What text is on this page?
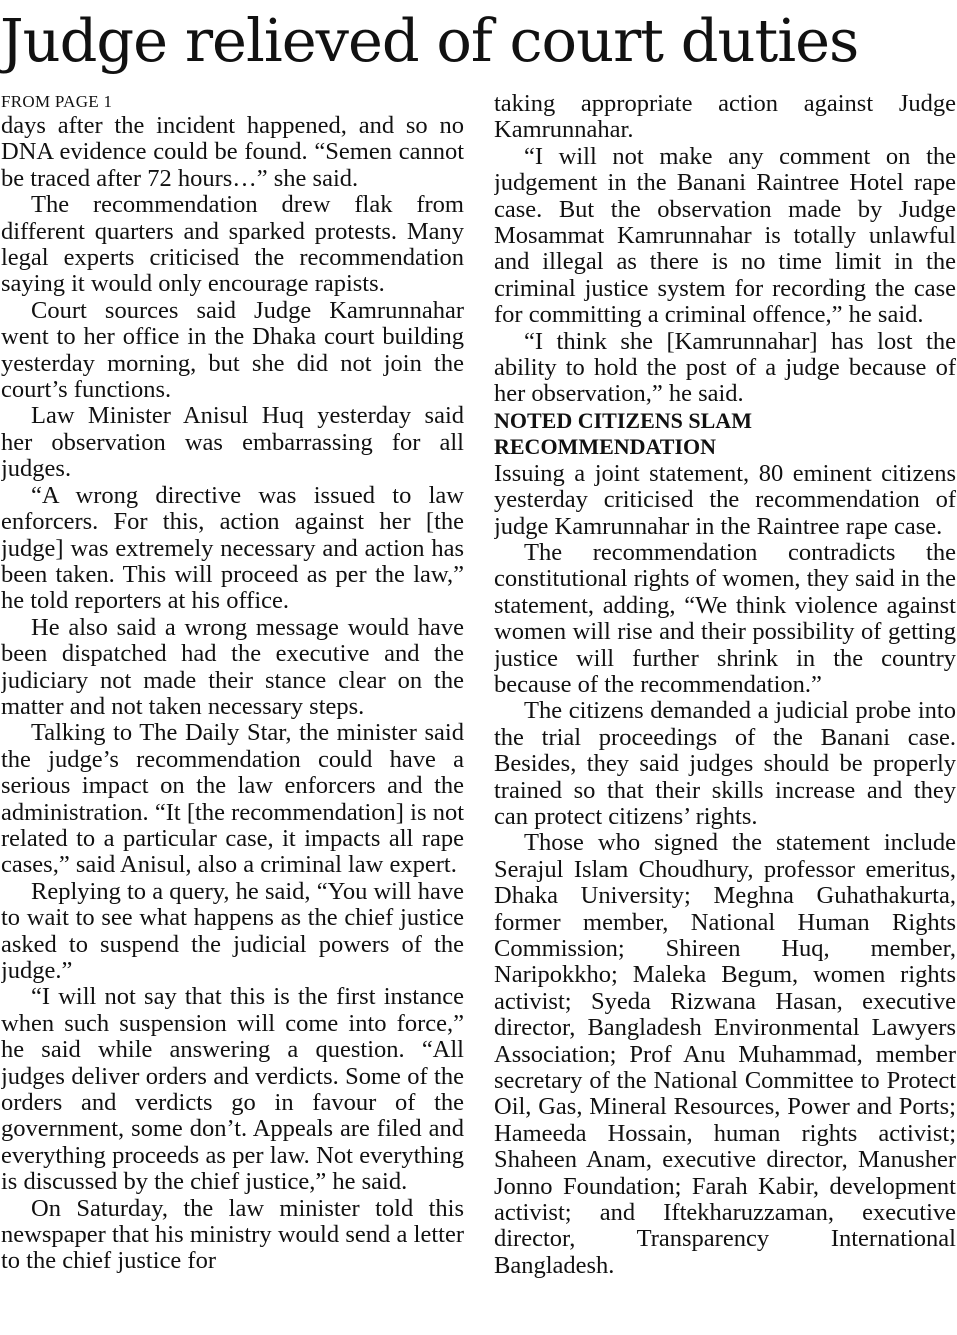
Judge relieved of court duties
FROM PAGE 1

days after the incident happened, and so no DNA evidence could be found. “Semen cannot be traced after 72 hours…” she said.

The recommendation drew flak from different quarters and sparked protests. Many legal experts criticised the recommendation saying it would only encourage rapists.

Court sources said Judge Kamrunnahar went to her office in the Dhaka court building yesterday morning, but she did not join the court’s functions.

Law Minister Anisul Huq yesterday said her observation was embarrassing for all judges.

“A wrong directive was issued to law enforcers. For this, action against her [the judge] was extremely necessary and action has been taken. This will proceed as per the law,” he told reporters at his office.

He also said a wrong message would have been dispatched had the executive and the judiciary not made their stance clear on the matter and not taken necessary steps.

Talking to The Daily Star, the minister said the judge’s recommendation could have a serious impact on the law enforcers and the administration. “It [the recommendation] is not related to a particular case, it impacts all rape cases,” said Anisul, also a criminal law expert.

Replying to a query, he said, “You will have to wait to see what happens as the chief justice asked to suspend the judicial powers of the judge.”

“I will not say that this is the first instance when such suspension will come into force,” he said while answering a question. “All judges deliver orders and verdicts. Some of the orders and verdicts go in favour of the government, some don’t. Appeals are filed and everything proceeds as per law. Not everything is discussed by the chief justice,” he said.

On Saturday, the law minister told this newspaper that his ministry would send a letter to the chief justice for

taking appropriate action against Judge Kamrunnahar.

“I will not make any comment on the judgement in the Banani Raintree Hotel rape case. But the observation made by Judge Mosammat Kamrunnahar is totally unlawful and illegal as there is no time limit in the criminal justice system for recording the case for committing a criminal offence,” he said.

“I think she [Kamrunnahar] has lost the ability to hold the post of a judge because of her observation,” he said.

NOTED CITIZENS SLAM RECOMMENDATION

Issuing a joint statement, 80 eminent citizens yesterday criticised the recommendation of judge Kamrunnahar in the Raintree rape case.

The recommendation contradicts the constitutional rights of women, they said in the statement, adding, “We think violence against women will rise and their possibility of getting justice will further shrink in the country because of the recommendation.”

The citizens demanded a judicial probe into the trial proceedings of the Banani case. Besides, they said judges should be properly trained so that their skills increase and they can protect citizens’ rights.

Those who signed the statement include Serajul Islam Choudhury, professor emeritus, Dhaka University; Meghna Guhathakurta, former member, National Human Rights Commission; Shireen Huq, member, Naripokkho; Maleka Begum, women rights activist; Syeda Rizwana Hasan, executive director, Bangladesh Environmental Lawyers Association; Prof Anu Muhammad, member secretary of the National Committee to Protect Oil, Gas, Mineral Resources, Power and Ports; Hameeda Hossain, human rights activist; Shaheen Anam, executive director, Manusher Jonno Foundation; Farah Kabir, development activist; and Iftekharuzzaman, executive director, Transparency International Bangladesh.
